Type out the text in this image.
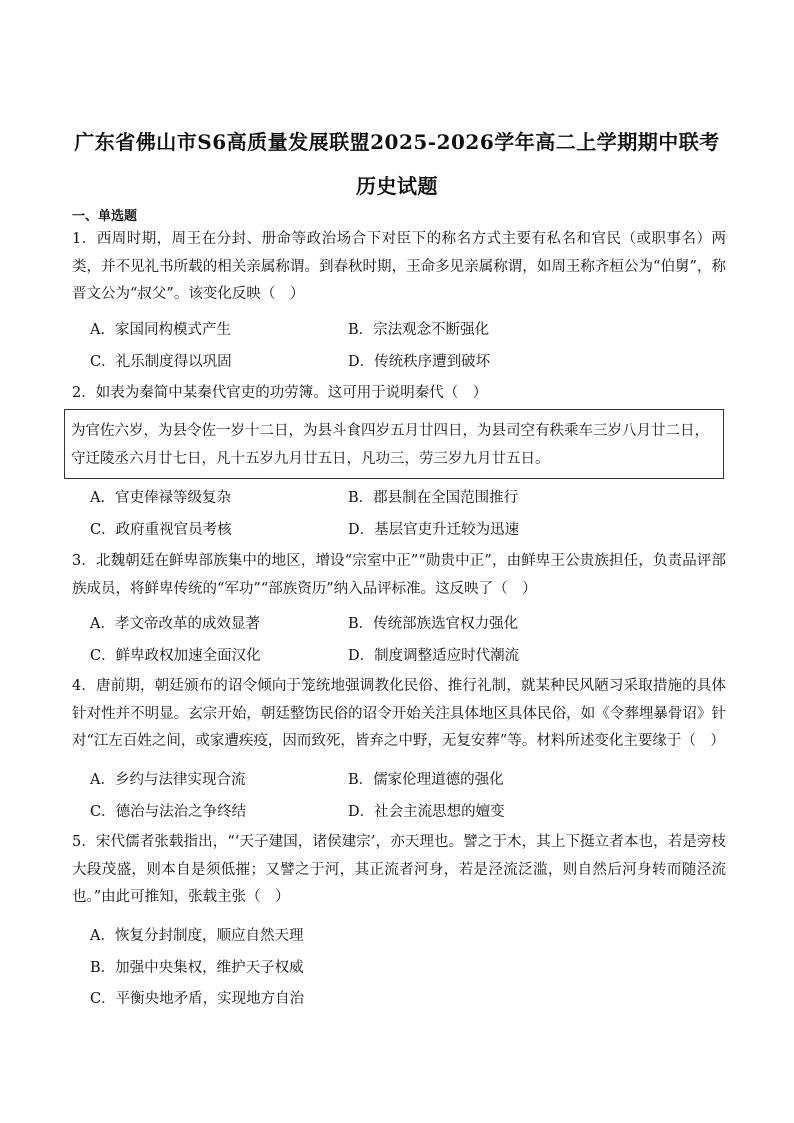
广东省佛山市S6高质量发展联盟2025-2026学年高二上学期期中联考
历史试题
一、单选题
1．西周时期，周王在分封、册命等政治场合下对臣下的称名方式主要有私名和官民（或职事名）两类，并不见礼书所载的相关亲属称谓。到春秋时期，王命多见亲属称谓，如周王称齐桓公为“伯舅”，称晋文公为“叔父”。该变化反映（　）
A．家国同构模式产生	B．宗法观念不断强化
C．礼乐制度得以巩固	D．传统秩序遭到破坏
2．如表为秦简中某秦代官吏的功劳簿。这可用于说明秦代（　）
为官佐六岁，为县令佐一岁十二日，为县斗食四岁五月廿四日，为县司空有秩乘车三岁八月廿二日，守迁陵丞六月廿七日，凡十五岁九月廿五日，凡功三，劳三岁九月廿五日。
A．官吏俸禄等级复杂	B．郡县制在全国范围推行
C．政府重视官员考核	D．基层官吏升迁较为迅速
3．北魏朝廷在鲜卑部族集中的地区，增设“宗室中正”“勋贵中正”，由鲜卑王公贵族担任，负责品评部族成员，将鲜卑传统的“军功”“部族资历”纳入品评标准。这反映了（　）
A．孝文帝改革的成效显著	B．传统部族选官权力强化
C．鲜卑政权加速全面汉化	D．制度调整适应时代潮流
4．唐前期，朝廷颁布的诏令倾向于笼统地强调教化民俗、推行礼制，就某种民风陋习采取措施的具体针对性并不明显。玄宗开始，朝廷整饬民俗的诏令开始关注具体地区具体民俗，如《令葬埋暴骨诏》针对“江左百姓之间，或家遭疾疫，因而致死，皆弃之中野，无复安葬”等。材料所述变化主要缘于（　）
A．乡约与法律实现合流	B．儒家伦理道德的强化
C．德治与法治之争终结	D．社会主流思想的嬗变
5．宋代儒者张载指出，“‘天子建国，诸侯建宗’，亦天理也。譬之于木，其上下挺立者本也，若是旁枝大段茂盛，则本自是须低摧；又譬之于河，其正流者河身，若是泾流泛滥，则自然后河身转而随泾流也。”由此可推知，张载主张（　）
A．恢复分封制度，顺应自然天理
B．加强中央集权，维护天子权威
C．平衡央地矛盾，实现地方自治
